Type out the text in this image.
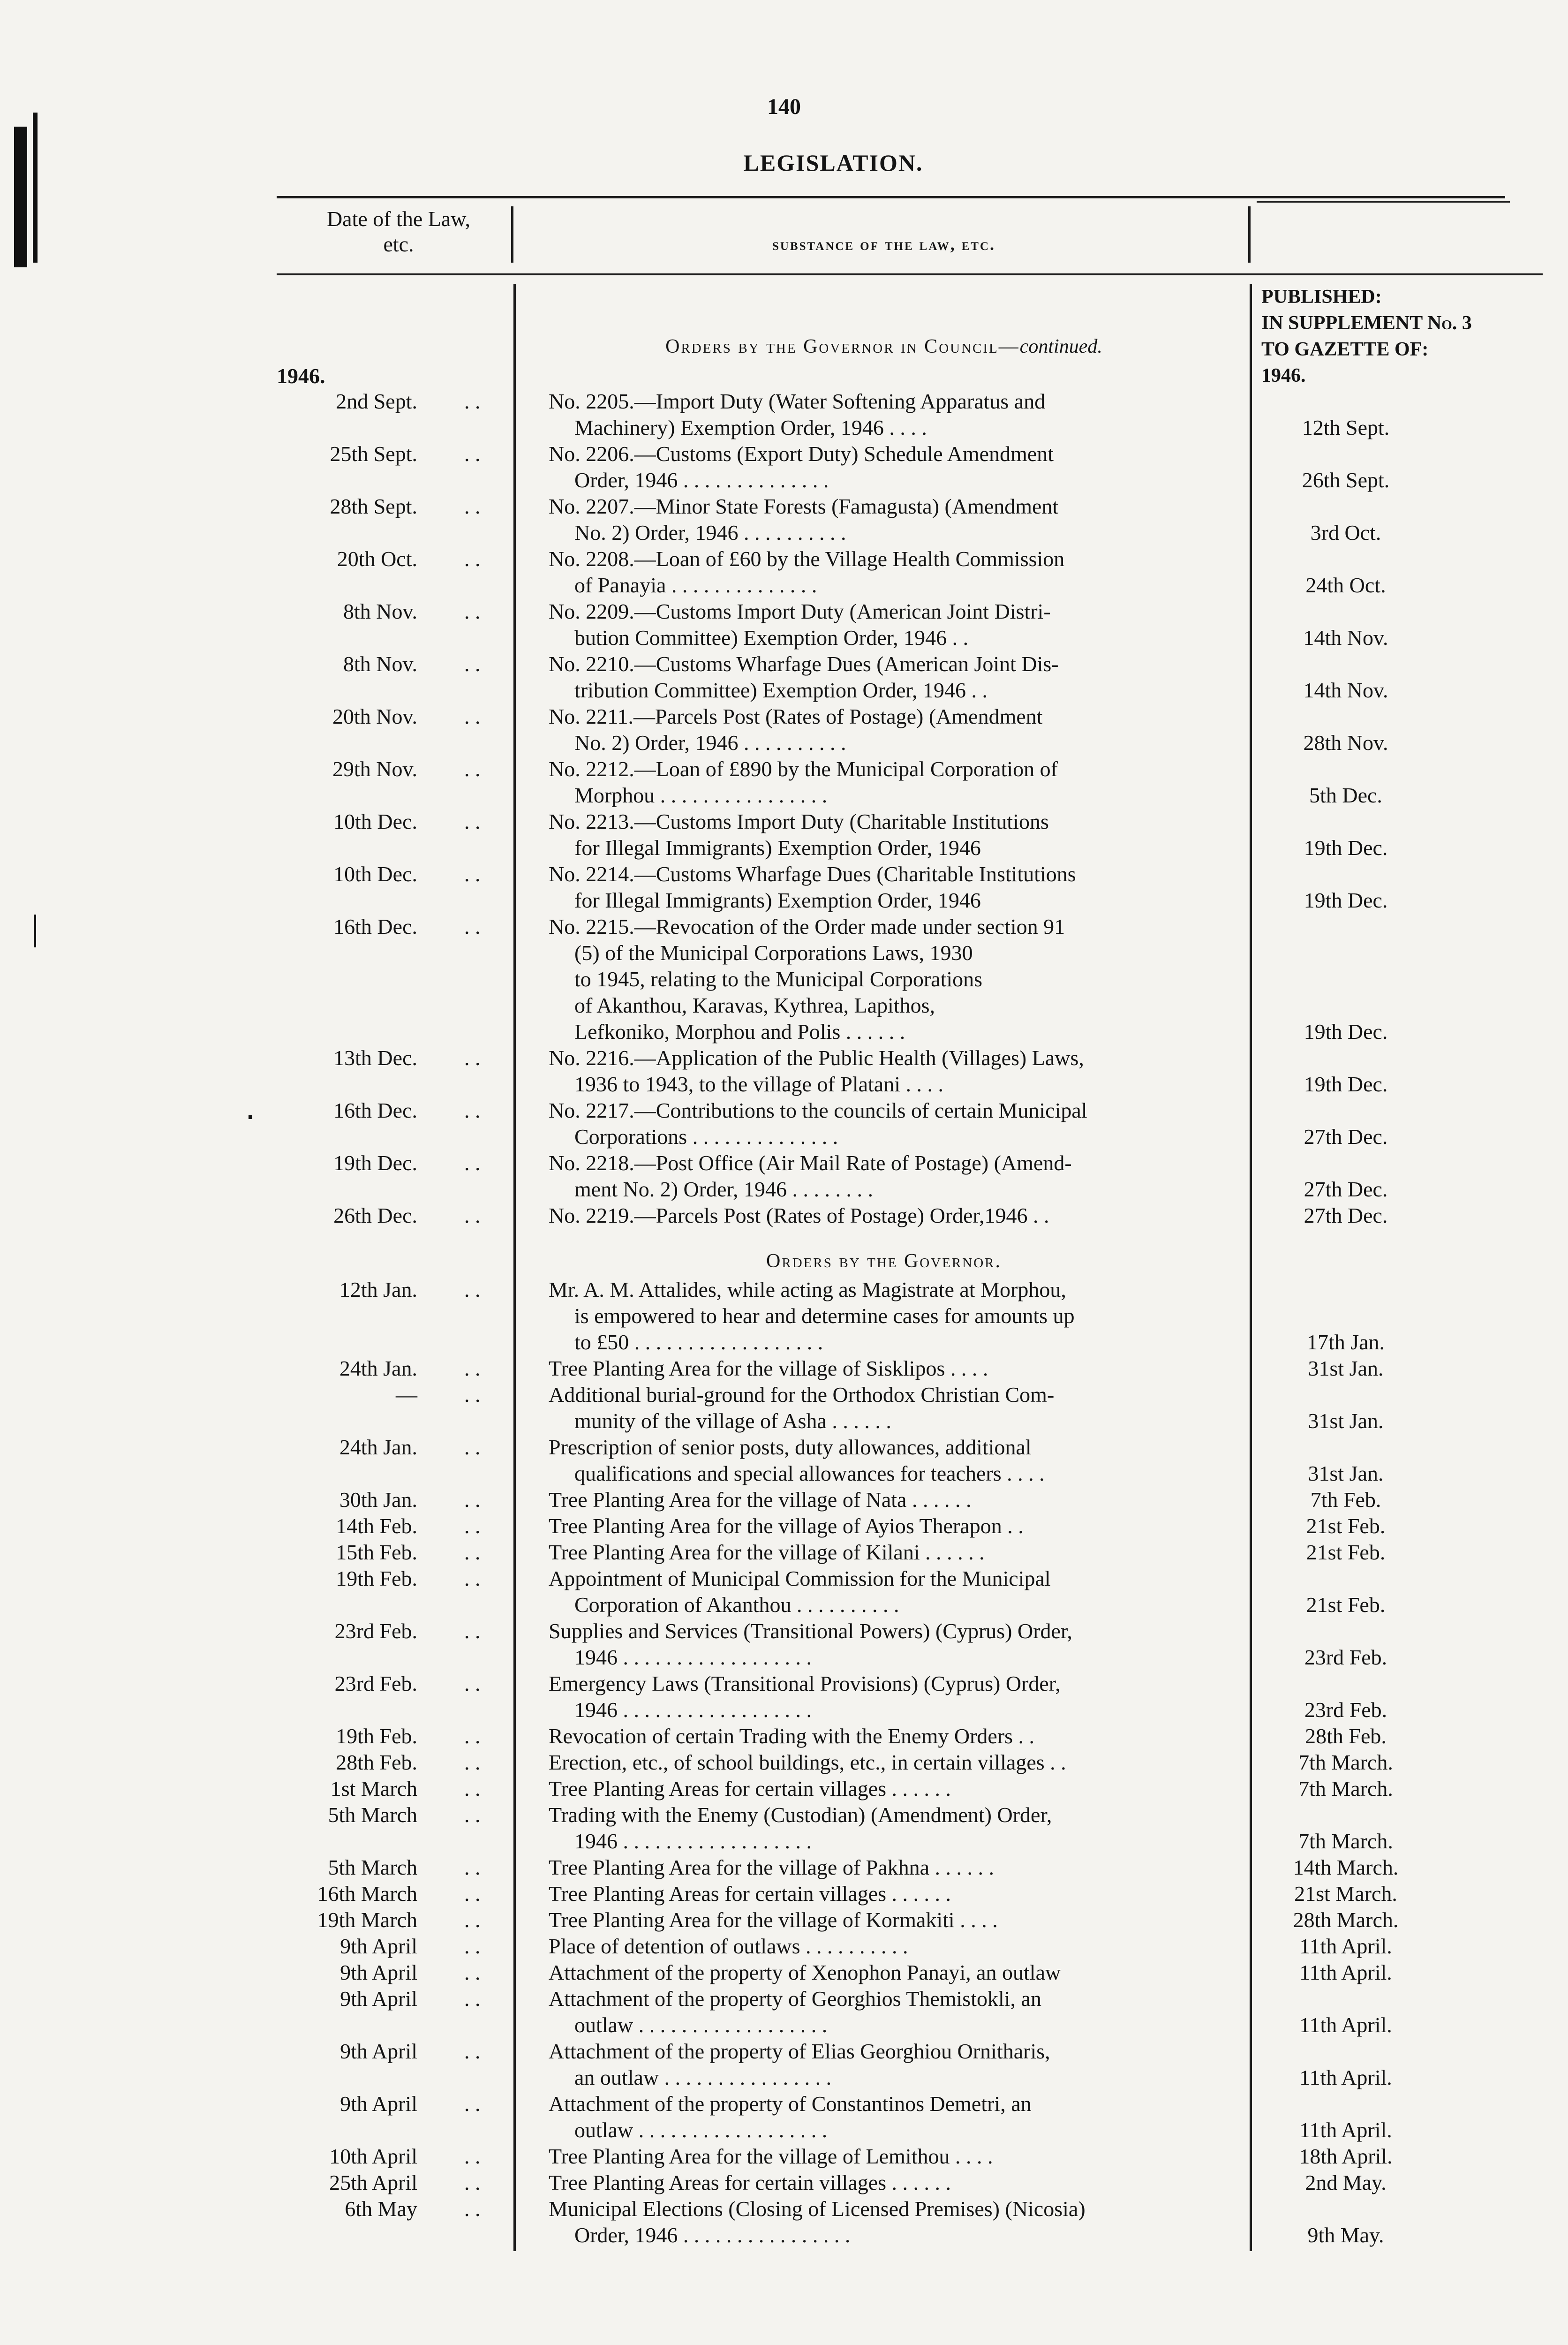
140
LEGISLATION.
Date of the Law,
etc.	substance of the law, etc.
PUBLISHED:
IN SUPPLEMENT No. 3
TO GAZETTE OF:
1946.
Orders by the Governor in Council—continued.
1946.
2nd Sept. . .	No. 2205.—Import Duty (Water Softening Apparatus and
Machinery) Exemption Order, 1946 . . . .	12th Sept.
25th Sept. . .	No. 2206.—Customs (Export Duty) Schedule Amendment
Order, 1946 . . . . . . . . . . . . . .	26th Sept.
28th Sept. . .	No. 2207.—Minor State Forests (Famagusta) (Amendment
No. 2) Order, 1946 . . . . . . . . . .	3rd Oct.
20th Oct. . .	No. 2208.—Loan of £60 by the Village Health Commission
of Panayia . . . . . . . . . . . . . .	24th Oct.
8th Nov. . .	No. 2209.—Customs Import Duty (American Joint Distri-
bution Committee) Exemption Order, 1946 . .	14th Nov.
8th Nov. . .	No. 2210.—Customs Wharfage Dues (American Joint Dis-
tribution Committee) Exemption Order, 1946 . .	14th Nov.
20th Nov. . .	No. 2211.—Parcels Post (Rates of Postage) (Amendment
No. 2) Order, 1946 . . . . . . . . . .	28th Nov.
29th Nov. . .	No. 2212.—Loan of £890 by the Municipal Corporation of
Morphou . . . . . . . . . . . . . . . .	5th Dec.
10th Dec. . .	No. 2213.—Customs Import Duty (Charitable Institutions
for Illegal Immigrants) Exemption Order, 1946	19th Dec.
10th Dec. . .	No. 2214.—Customs Wharfage Dues (Charitable Institutions
for Illegal Immigrants) Exemption Order, 1946	19th Dec.
16th Dec. . .	No. 2215.—Revocation of the Order made under section 91
(5) of the Municipal Corporations Laws, 1930
to 1945, relating to the Municipal Corporations
of Akanthou, Karavas, Kythrea, Lapithos,
Lefkoniko, Morphou and Polis . . . . . .	19th Dec.
13th Dec. . .	No. 2216.—Application of the Public Health (Villages) Laws,
1936 to 1943, to the village of Platani . . . .	19th Dec.
16th Dec. . .	No. 2217.—Contributions to the councils of certain Municipal
Corporations . . . . . . . . . . . . . .	27th Dec.
19th Dec. . .	No. 2218.—Post Office (Air Mail Rate of Postage) (Amend-
ment No. 2) Order, 1946 . . . . . . . .	27th Dec.
26th Dec. . .	No. 2219.—Parcels Post (Rates of Postage) Order,1946 . .	27th Dec.
Orders by the Governor.
12th Jan. . .	Mr. A. M. Attalides, while acting as Magistrate at Morphou,
is empowered to hear and determine cases for amounts up
to £50 . . . . . . . . . . . . . . . . . .	17th Jan.
24th Jan. . .	Tree Planting Area for the village of Sisklipos . . . .	31st Jan.
— . .	Additional burial-ground for the Orthodox Christian Com-
munity of the village of Asha . . . . . .	31st Jan.
24th Jan. . .	Prescription of senior posts, duty allowances, additional
qualifications and special allowances for teachers . . . .	31st Jan.
30th Jan. . .	Tree Planting Area for the village of Nata . . . . . .	7th Feb.
14th Feb. . .	Tree Planting Area for the village of Ayios Therapon . .	21st Feb.
15th Feb. . .	Tree Planting Area for the village of Kilani . . . . . .	21st Feb.
19th Feb. . .	Appointment of Municipal Commission for the Municipal
Corporation of Akanthou . . . . . . . . . .	21st Feb.
23rd Feb. . .	Supplies and Services (Transitional Powers) (Cyprus) Order,
1946 . . . . . . . . . . . . . . . . . .	23rd Feb.
23rd Feb. . .	Emergency Laws (Transitional Provisions) (Cyprus) Order,
1946 . . . . . . . . . . . . . . . . . .	23rd Feb.
19th Feb. . .	Revocation of certain Trading with the Enemy Orders . .	28th Feb.
28th Feb. . .	Erection, etc., of school buildings, etc., in certain villages . .	7th March.
1st March . .	Tree Planting Areas for certain villages . . . . . .	7th March.
5th March . .	Trading with the Enemy (Custodian) (Amendment) Order,
1946 . . . . . . . . . . . . . . . . . .	7th March.
5th March . .	Tree Planting Area for the village of Pakhna . . . . . .	14th March.
16th March . .	Tree Planting Areas for certain villages . . . . . .	21st March.
19th March . .	Tree Planting Area for the village of Kormakiti . . . .	28th March.
9th April . .	Place of detention of outlaws . . . . . . . . . .	11th April.
9th April . .	Attachment of the property of Xenophon Panayi, an outlaw	11th April.
9th April . .	Attachment of the property of Georghios Themistokli, an
outlaw . . . . . . . . . . . . . . . . . .	11th April.
9th April . .	Attachment of the property of Elias Georghiou Ornitharis,
an outlaw . . . . . . . . . . . . . . . .	11th April.
9th April . .	Attachment of the property of Constantinos Demetri, an
outlaw . . . . . . . . . . . . . . . . . .	11th April.
10th April . .	Tree Planting Area for the village of Lemithou . . . .	18th April.
25th April . .	Tree Planting Areas for certain villages . . . . . .	2nd May.
6th May . .	Municipal Elections (Closing of Licensed Premises) (Nicosia)
Order, 1946 . . . . . . . . . . . . . . . .	9th May.
